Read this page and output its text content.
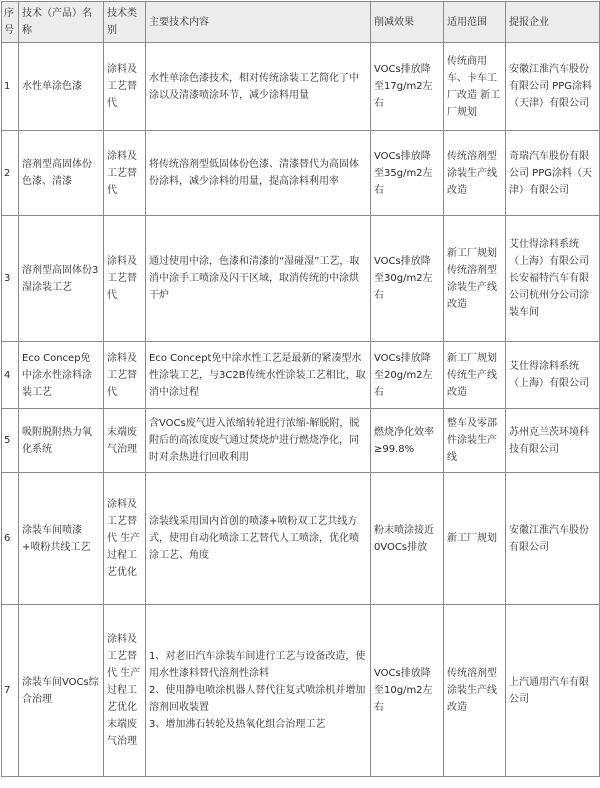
序号	技术（产品）名称	技术类别	主要技术内容	削减效果	适用范围	提报企业
1	水性单涂色漆	涂料及工艺替代	水性单涂色漆技术，相对传统涂装工艺简化了中涂以及清漆喷涂环节，减少涂料用量	VOCs排放降至17g/m2左右	传统商用车、卡车工厂改造 新工厂规划	安徽江淮汽车股份有限公司 PPG涂料（天津）有限公司
2	溶剂型高固体份色漆、清漆	涂料及工艺替代	将传统溶剂型低固体份色漆、清漆替代为高固体份涂料，减少涂料的用量，提高涂料利用率	VOCs排放降至35g/m2左右	传统溶剂型涂装生产线改造	奇瑞汽车股份有限公司 PPG涂料（天津）有限公司
3	溶剂型高固体份3湿涂装工艺	涂料及工艺替代	通过使用中涂，色漆和清漆的“湿碰湿”工艺，取消中涂手工喷涂及闪干区域，取消传统的中涂烘干炉	VOCs排放降至30g/m2左右	新工厂规划传统溶剂型涂装生产线改造	艾仕得涂料系统（上海）有限公司 长安福特汽车有限公司杭州分公司涂装车间
4	Eco Concep免中涂水性涂料涂装工艺	涂料及工艺替代	Eco Concept免中涂水性工艺是最新的紧凑型水性涂装工艺，与3C2B传统水性涂装工艺相比，取消中涂过程	VOCs排放降至20g/m2左右	新工厂规划传统生产线改造	艾仕得涂料系统（上海）有限公司
5	吸附脱附热力氧化系统	末端废气治理	含VOCs废气进入浓缩转轮进行浓缩-解脱附，脱附后的高浓度废气通过焚烧炉进行燃烧净化，同时对余热进行回收利用	燃烧净化效率≥99.8%	整车及零部件涂装生产线	苏州克兰茨环境科技有限公司
6	涂装车间喷漆+喷粉共线工艺	涂料及工艺替代 生产过程工艺优化	涂装线采用国内首创的喷漆+喷粉双工艺共线方式，使用自动化喷涂工艺替代人工喷涂，优化喷涂工艺、角度	粉末喷涂接近0VOCs排放	新工厂规划	安徽江淮汽车股份有限公司
7	涂装车间VOCs综合治理	涂料及工艺替代 生产过程工艺优化 末端废气治理	1、对老旧汽车涂装车间进行工艺与设备改造，使用水性漆料替代溶剂性涂料
2、使用静电喷涂机器人替代往复式喷涂机并增加溶剂回收装置
3、增加沸石转轮及热氧化组合治理工艺	VOCs排放降至10g/m2左右	传统溶剂型涂装生产线改造	上汽通用汽车有限公司
